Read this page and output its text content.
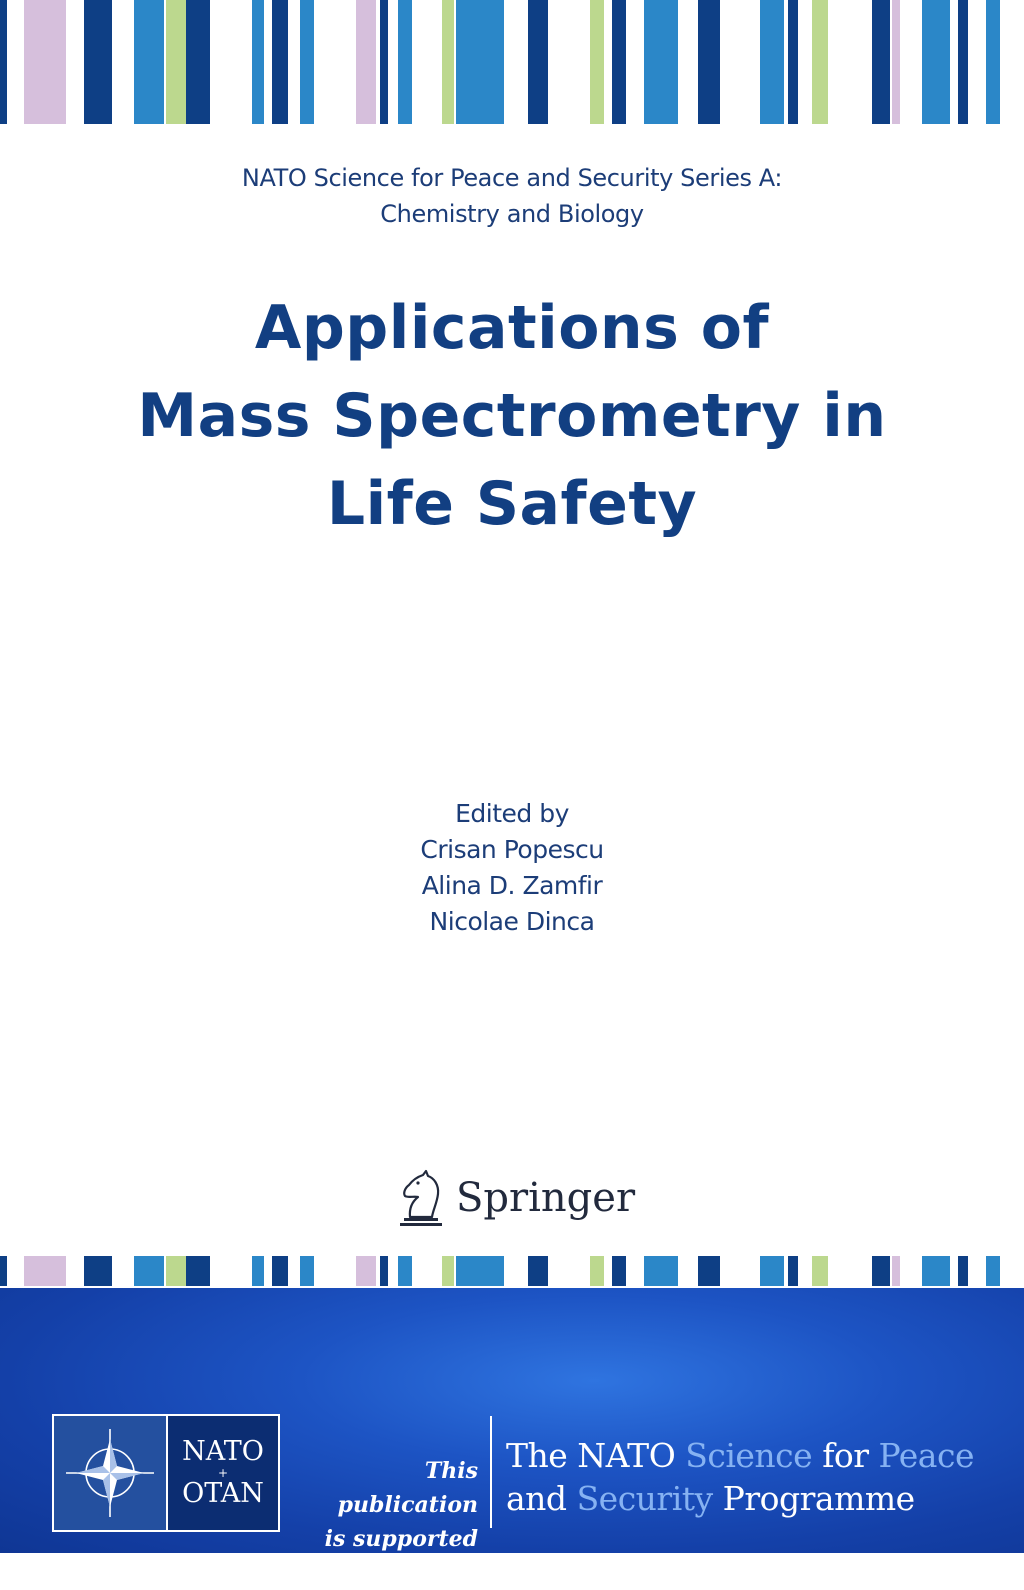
NATO Science for Peace and Security Series A:
Chemistry and Biology
Applications of
Mass Spectrometry in
Life Safety
Edited by
Crisan Popescu
Alina D. Zamfir
Nicolae Dinca
Springer
NATO
+
OTAN
This publication
is supported by:
The NATO Science for Peace
and Security Programme
